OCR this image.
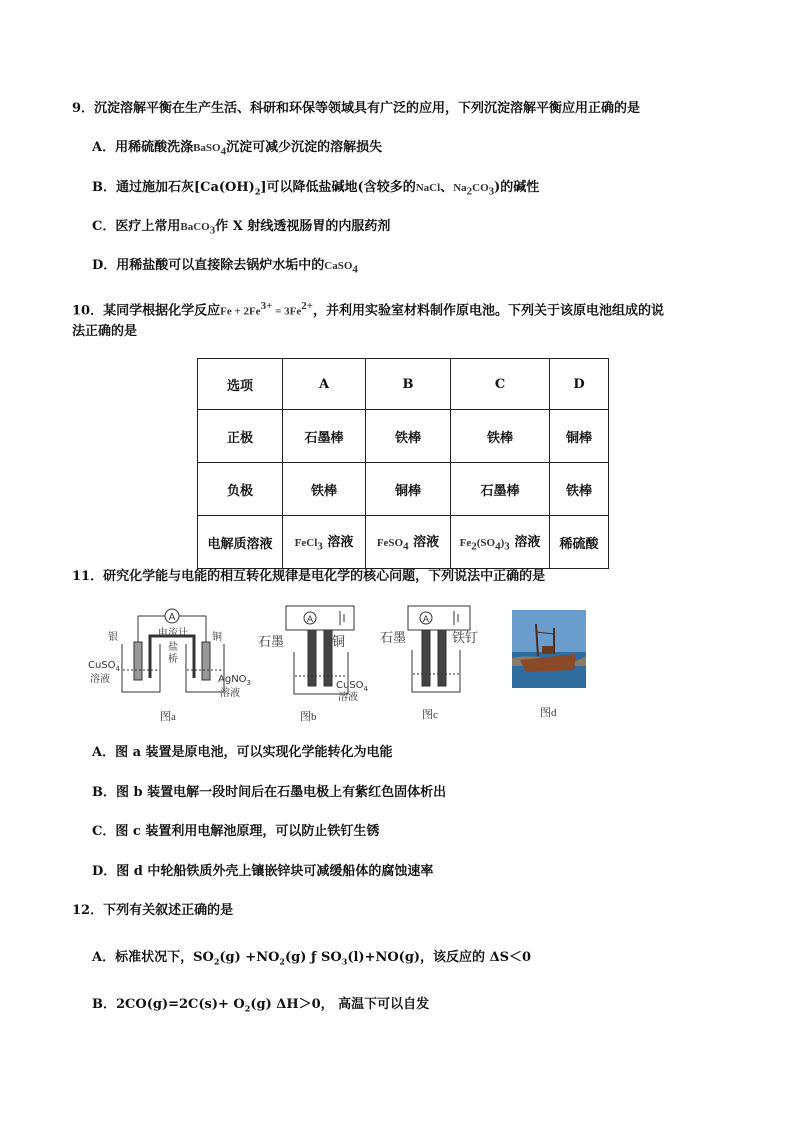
9．沉淀溶解平衡在生产生活、科研和环保等领域具有广泛的应用，下列沉淀溶解平衡应用正确的是
A．用稀硫酸洗涤BaSO$_4$沉淀可减少沉淀的溶解损失
B．通过施加石灰$[Ca(OH)_2]$可以降低盐碱地(含较多的NaCl、$Na_2CO_3$)的碱性
C．医疗上常用BaCO$_3$作 X 射线透视肠胃的内服药剂
D．用稀盐酸可以直接除去锅炉水垢中的CaSO$_4$
10．某同学根据化学反应$Fe + 2Fe^{3+} = 3Fe^{2+}$，并利用实验室材料制作原电池。下列关于该原电池组成的说
法正确的是
选项	A	B	C	D
正极	石墨棒	铁棒	铁棒	铜棒
负极	铁棒	铜棒	石墨棒	铁棒
电解质溶液	FeCl$_3$ 溶液	FeSO$_4$ 溶液	$Fe_2(SO_4)_3$ 溶液	稀硫酸
11．研究化学能与电能的相互转化规律是电化学的核心问题，下列说法中正确的是
A
电流计
银	铜
盐
桥
CuSO$_4$
溶液	AgNO$_3$
溶液
图a
A
石墨	铜
CuSO$_4$
溶液
图b
A
石墨	铁钉
图c	图d
A．图 a 装置是原电池，可以实现化学能转化为电能
B．图 b 装置电解一段时间后在石墨电极上有紫红色固体析出
C．图 c 装置利用电解池原理，可以防止铁钉生锈
D．图 d 中轮船铁质外壳上镶嵌锌块可减缓船体的腐蚀速率
12．下列有关叙述正确的是
A．标准状况下，$SO_2(g) +NO_2(g)$ ƒ $SO_3(l)+NO(g)$，该反应的 ΔS＜0
B．$2CO(g)=2C(s)+ O_2(g)$ ΔH＞0， 高温下可以自发
